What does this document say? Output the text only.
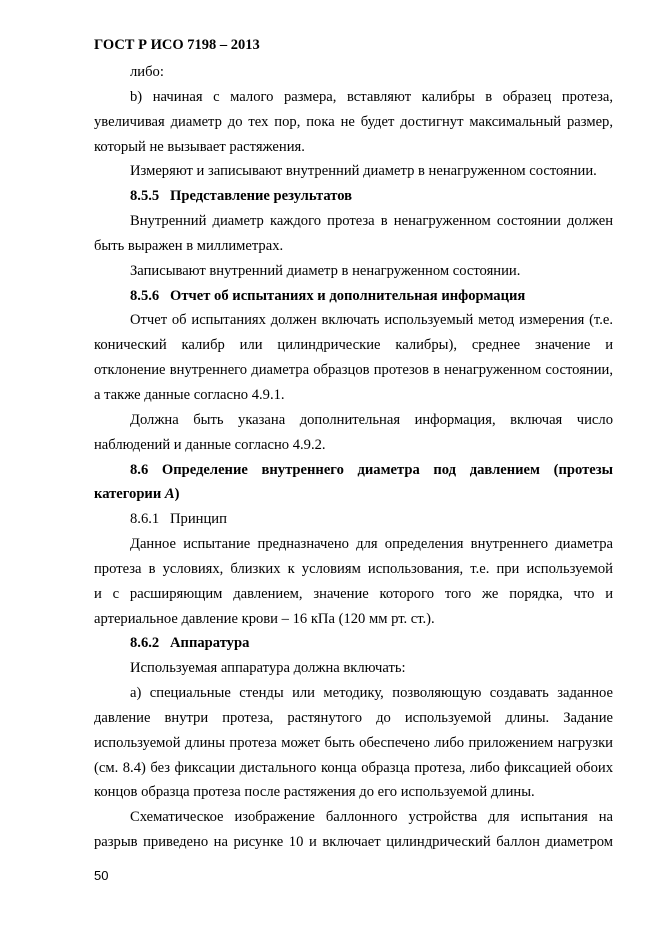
ГОСТ Р ИСО 7198 – 2013
либо:
b) начиная с малого размера, вставляют калибры в образец протеза,
увеличивая диаметр до тех пор, пока не будет достигнут максимальный размер,
который не вызывает растяжения.
Измеряют и записывают внутренний диаметр в ненагруженном состоянии.
8.5.5 Представление результатов
Внутренний диаметр каждого протеза в ненагруженном состоянии должен
быть выражен в миллиметрах.
Записывают внутренний диаметр в ненагруженном состоянии.
8.5.6 Отчет об испытаниях и дополнительная информация
Отчет об испытаниях должен включать используемый метод измерения (т.е.
конический калибр или цилиндрические калибры), среднее значение и
отклонение внутреннего диаметра образцов протезов в ненагруженном состоянии,
а также данные согласно 4.9.1.
Должна быть указана дополнительная информация, включая число
наблюдений и данные согласно 4.9.2.
8.6 Определение внутреннего диаметра под давлением (протезы
категории A)
8.6.1 Принцип
Данное испытание предназначено для определения внутреннего диаметра
протеза в условиях, близких к условиям использования, т.е. при используемой
и с расширяющим давлением, значение которого того же порядка, что и
артериальное давление крови – 16 кПа (120 мм рт. ст.).
8.6.2 Аппаратура
Используемая аппаратура должна включать:
а) специальные стенды или методику, позволяющую создавать заданное
давление внутри протеза, растянутого до используемой длины. Задание
используемой длины протеза может быть обеспечено либо приложением нагрузки
(см. 8.4) без фиксации дистального конца образца протеза, либо фиксацией обоих
концов образца протеза после растяжения до его используемой длины.
Схематическое изображение баллонного устройства для испытания на
разрыв приведено на рисунке 10 и включает цилиндрический баллон диаметром
50
